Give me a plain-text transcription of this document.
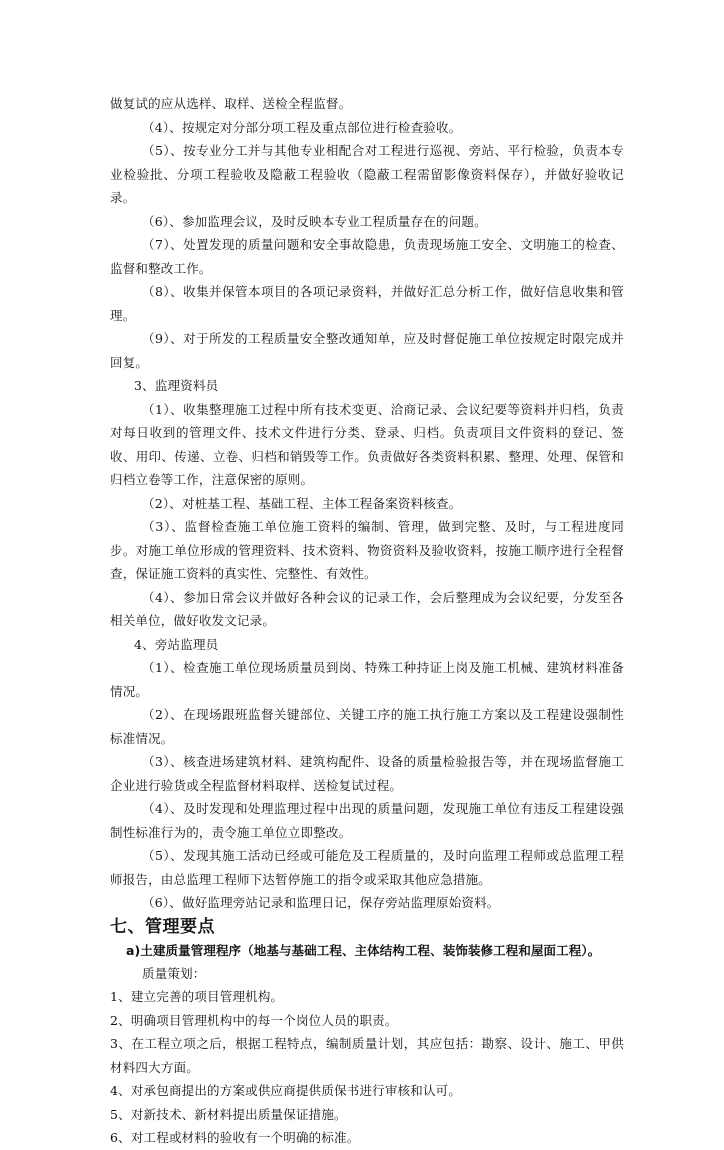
做复试的应从选样、取样、送检全程监督。

（4）、按规定对分部分项工程及重点部位进行检查验收。

（5）、按专业分工并与其他专业相配合对工程进行巡视、旁站、平行检验，负责本专业检验批、分项工程验收及隐蔽工程验收（隐蔽工程需留影像资料保存），并做好验收记录。

（6）、参加监理会议，及时反映本专业工程质量存在的问题。

（7）、处置发现的质量问题和安全事故隐患，负责现场施工安全、文明施工的检查、监督和整改工作。

（8）、收集并保管本项目的各项记录资料，并做好汇总分析工作，做好信息收集和管理。

（9）、对于所发的工程质量安全整改通知单，应及时督促施工单位按规定时限完成并回复。

3、监理资料员

（1）、收集整理施工过程中所有技术变更、洽商记录、会议纪要等资料并归档，负责对每日收到的管理文件、技术文件进行分类、登录、归档。负责项目文件资料的登记、签收、用印、传递、立卷、归档和销毁等工作。负责做好各类资料积累、整理、处理、保管和归档立卷等工作，注意保密的原则。

（2）、对桩基工程、基础工程、主体工程备案资料核查。

（3）、监督检查施工单位施工资料的编制、管理，做到完整、及时，与工程进度同步。对施工单位形成的管理资料、技术资料、物资资料及验收资料，按施工顺序进行全程督查，保证施工资料的真实性、完整性、有效性。

（4）、参加日常会议并做好各种会议的记录工作，会后整理成为会议纪要，分发至各相关单位，做好收发文记录。

4、旁站监理员

（1）、检查施工单位现场质量员到岗、特殊工种持证上岗及施工机械、建筑材料准备情况。

（2）、在现场跟班监督关键部位、关键工序的施工执行施工方案以及工程建设强制性标准情况。

（3）、核查进场建筑材料、建筑构配件、设备的质量检验报告等，并在现场监督施工企业进行验货或全程监督材料取样、送检复试过程。

（4）、及时发现和处理监理过程中出现的质量问题，发现施工单位有违反工程建设强制性标准行为的，责令施工单位立即整改。

（5）、发现其施工活动已经或可能危及工程质量的，及时向监理工程师或总监理工程师报告，由总监理工程师下达暂停施工的指令或采取其他应急措施。

（6）、做好监理旁站记录和监理日记，保存旁站监理原始资料。

七、管理要点

a)土建质量管理程序（地基与基础工程、主体结构工程、装饰装修工程和屋面工程）。

质量策划：

1、建立完善的项目管理机构。

2、明确项目管理机构中的每一个岗位人员的职责。

3、在工程立项之后，根据工程特点，编制质量计划，其应包括：勘察、设计、施工、甲供材料四大方面。

4、对承包商提出的方案或供应商提供质保书进行审核和认可。

5、对新技术、新材料提出质量保证措施。

6、对工程或材料的验收有一个明确的标准。
